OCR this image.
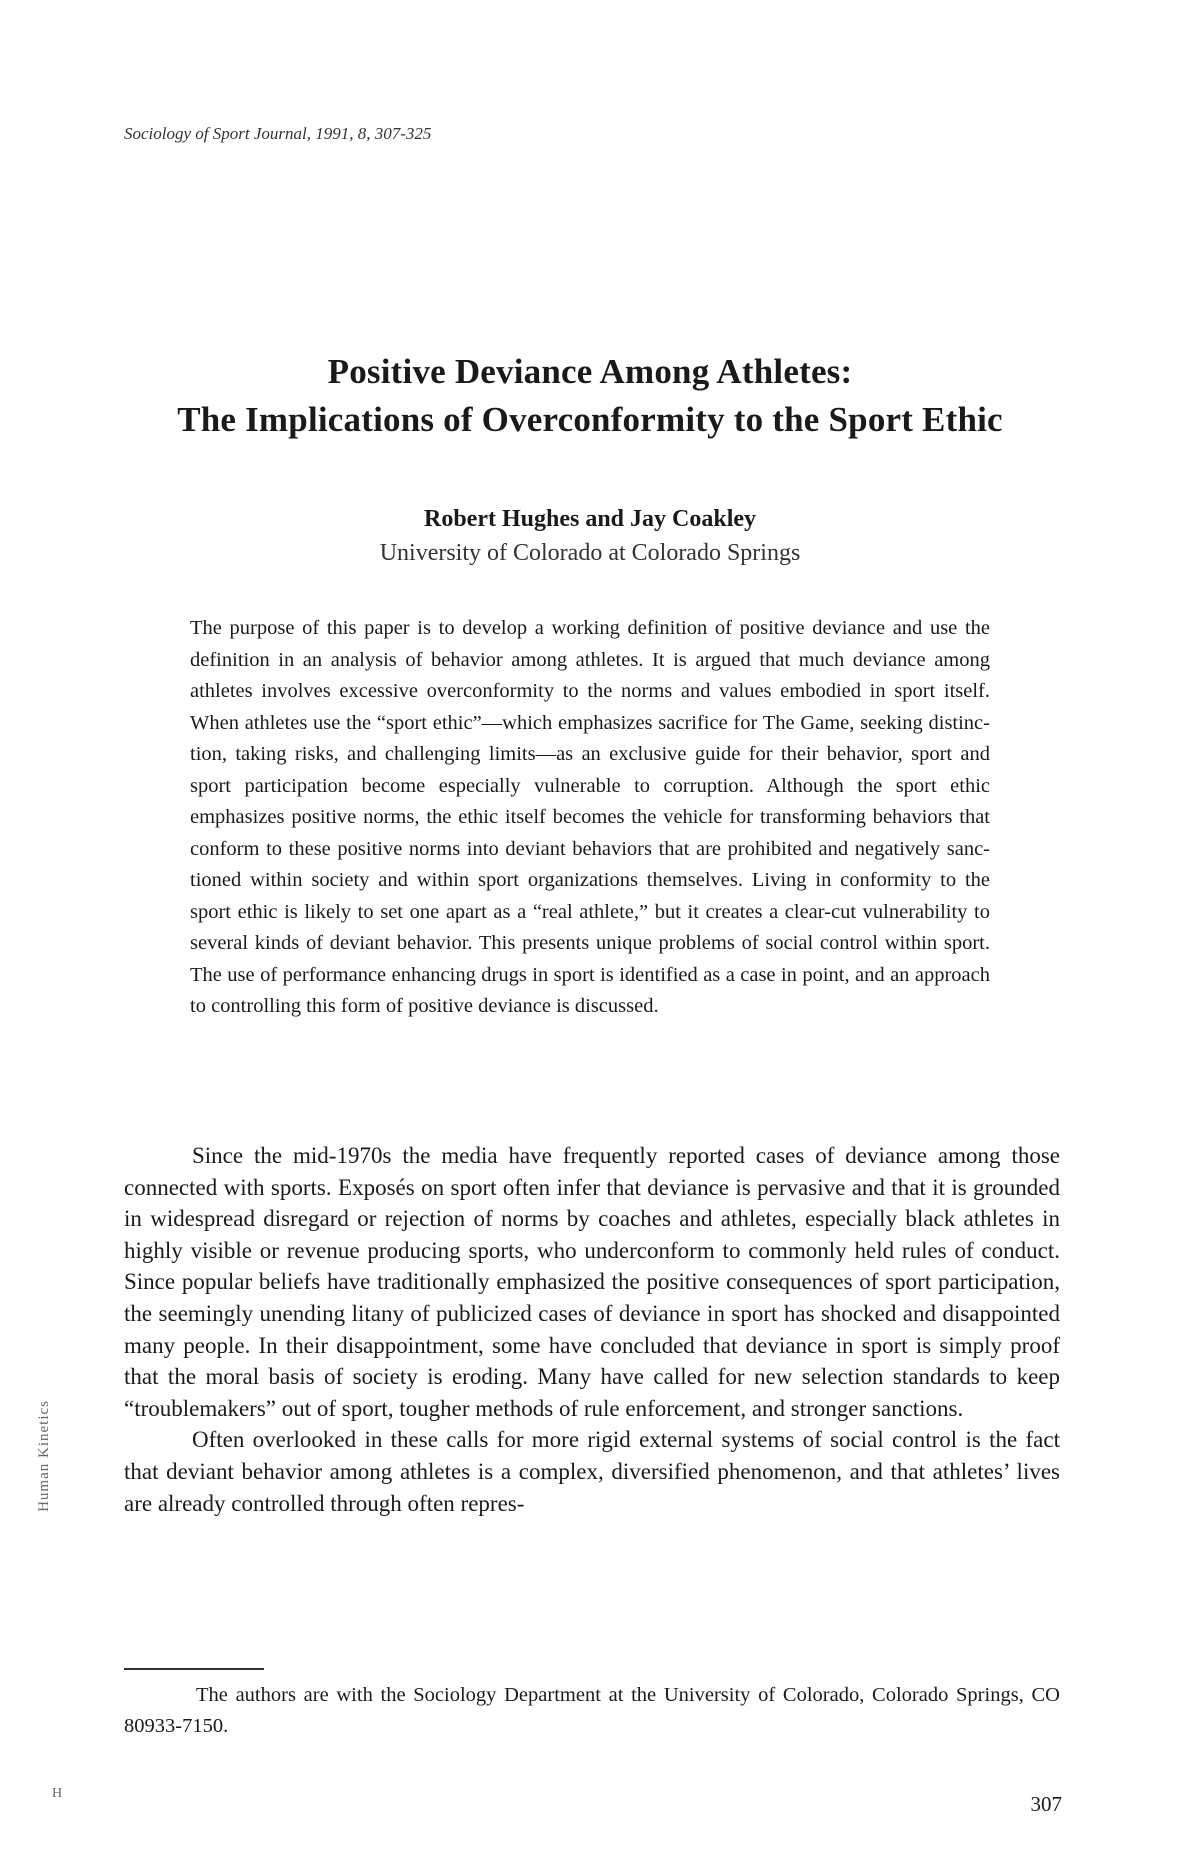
Sociology of Sport Journal, 1991, 8, 307-325
Positive Deviance Among Athletes:
The Implications of Overconformity to the Sport Ethic
Robert Hughes and Jay Coakley
University of Colorado at Colorado Springs
The purpose of this paper is to develop a working definition of positive deviance and use the definition in an analysis of behavior among athletes. It is argued that much deviance among athletes involves excessive overconformity to the norms and values embodied in sport itself. When athletes use the “sport ethic”—which emphasizes sacrifice for The Game, seeking distinction, taking risks, and challenging limits—as an exclusive guide for their behavior, sport and sport participation become especially vulnerable to corruption. Although the sport ethic emphasizes positive norms, the ethic itself becomes the vehicle for transforming behaviors that conform to these positive norms into deviant behaviors that are prohibited and negatively sanctioned within society and within sport organizations themselves. Living in conformity to the sport ethic is likely to set one apart as a “real athlete,” but it creates a clear-cut vulnerability to several kinds of deviant behavior. This presents unique problems of social control within sport. The use of performance enhancing drugs in sport is identified as a case in point, and an approach to controlling this form of positive deviance is discussed.

Since the mid-1970s the media have frequently reported cases of deviance among those connected with sports. Exposés on sport often infer that deviance is pervasive and that it is grounded in widespread disregard or rejection of norms by coaches and athletes, especially black athletes in highly visible or revenue producing sports, who underconform to commonly held rules of conduct. Since popular beliefs have traditionally emphasized the positive consequences of sport participation, the seemingly unending litany of publicized cases of deviance in sport has shocked and disappointed many people. In their disappointment, some have concluded that deviance in sport is simply proof that the moral basis of society is eroding. Many have called for new selection standards to keep “troublemakers” out of sport, tougher methods of rule enforcement, and stronger sanctions.

Often overlooked in these calls for more rigid external systems of social control is the fact that deviant behavior among athletes is a complex, diversified phenomenon, and that athletes’ lives are already controlled through often repres-

The authors are with the Sociology Department at the University of Colorado, Colorado Springs, CO 80933-7150.
307
Human Kinetics
H
